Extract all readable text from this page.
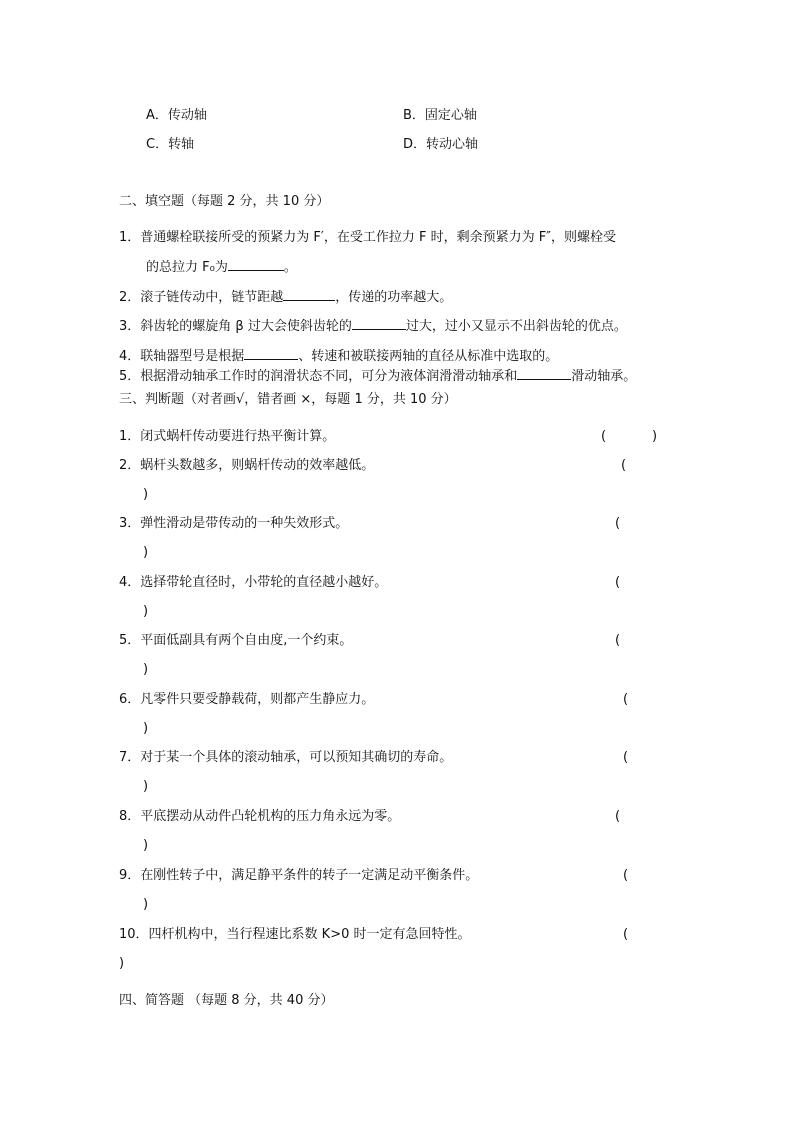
A．传动轴	B．固定心轴
C．转轴	D．转动心轴
二、填空题（每题 2 分，共 10 分）
1．普通螺栓联接所受的预紧力为 F′，在受工作拉力 F 时，剩余预紧力为 F″，则螺栓受
的总拉力 F₀为	。
2．滚子链传动中，链节距越	，传递的功率越大。
3．斜齿轮的螺旋角 β 过大会使斜齿轮的	过大，过小又显示不出斜齿轮的优点。
4．联轴器型号是根据	、转速和被联接两轴的直径从标准中选取的。
5．根据滑动轴承工作时的润滑状态不同，可分为液体润滑滑动轴承和	滑动轴承。
三、判断题（对者画√，错者画 ×，每题 1 分，共 10 分）
1．闭式蜗杆传动要进行热平衡计算。	(	)
2．蜗杆头数越多，则蜗杆传动的效率越低。	(
)
3．弹性滑动是带传动的一种失效形式。	(
)
4．选择带轮直径时，小带轮的直径越小越好。	(
)
5．平面低副具有两个自由度,一个约束。	(
)
6．凡零件只要受静载荷，则都产生静应力。	(
)
7．对于某一个具体的滚动轴承，可以预知其确切的寿命。	(
)
8．平底摆动从动件凸轮机构的压力角永远为零。	(
)
9．在刚性转子中，满足静平条件的转子一定满足动平衡条件。	(
)
10．四杆机构中，当行程速比系数 K>0 时一定有急回特性。	(
)
四、简答题 （每题 8 分，共 40 分）
